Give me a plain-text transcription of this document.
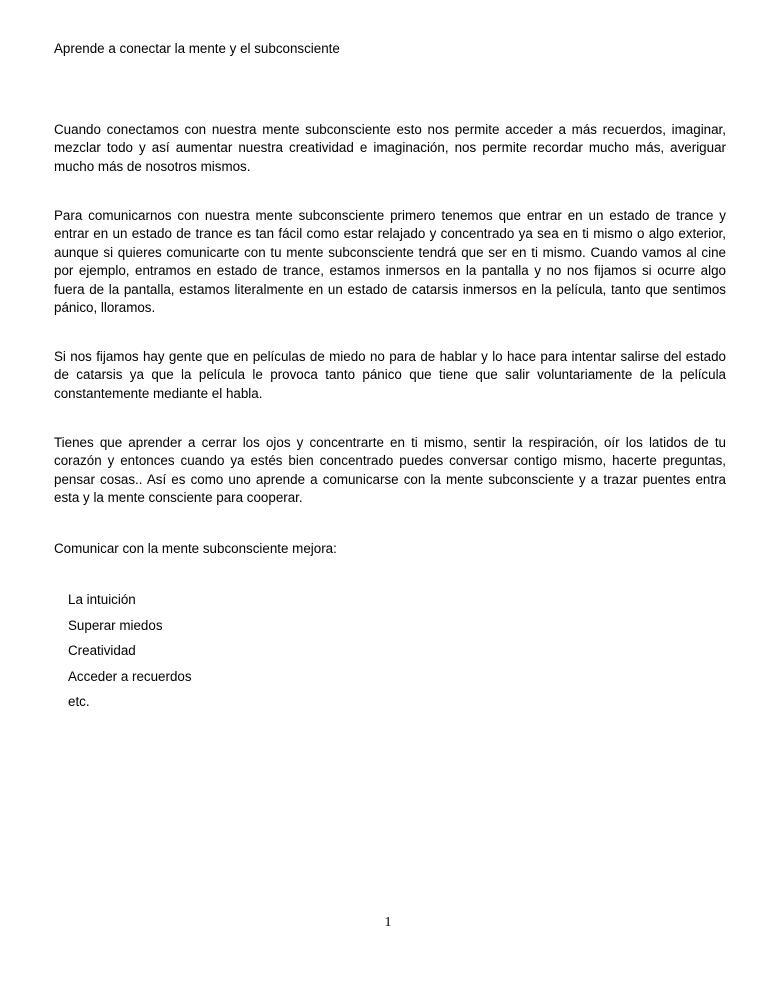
Aprende a conectar la mente y el subconsciente

Cuando conectamos con nuestra mente subconsciente esto nos permite acceder a más recuerdos, imaginar, mezclar todo y así aumentar nuestra creatividad e imaginación, nos permite recordar mucho más, averiguar mucho más de nosotros mismos.

Para comunicarnos con nuestra mente subconsciente primero tenemos que entrar en un estado de trance y entrar en un estado de trance es tan fácil como estar relajado y concentrado ya sea en ti mismo o algo exterior, aunque si quieres comunicarte con tu mente subconsciente tendrá que ser en ti mismo. Cuando vamos al cine por ejemplo, entramos en estado de trance, estamos inmersos en la pantalla y no nos fijamos si ocurre algo fuera de la pantalla, estamos literalmente en un estado de catarsis inmersos en la película, tanto que sentimos pánico, lloramos.

Si nos fijamos hay gente que en películas de miedo no para de hablar y lo hace para intentar salirse del estado de catarsis ya que la película le provoca tanto pánico que tiene que salir voluntariamente de la película constantemente mediante el habla.

Tienes que aprender a cerrar los ojos y concentrarte en ti mismo, sentir la respiración, oír los latidos de tu corazón y entonces cuando ya estés bien concentrado puedes conversar contigo mismo, hacerte preguntas, pensar cosas.. Así es como uno aprende a comunicarse con la mente subconsciente y a trazar puentes entra esta y la mente consciente para cooperar.

Comunicar con la mente subconsciente mejora:
La intuición
Superar miedos
Creatividad
Acceder a recuerdos
etc.
1
